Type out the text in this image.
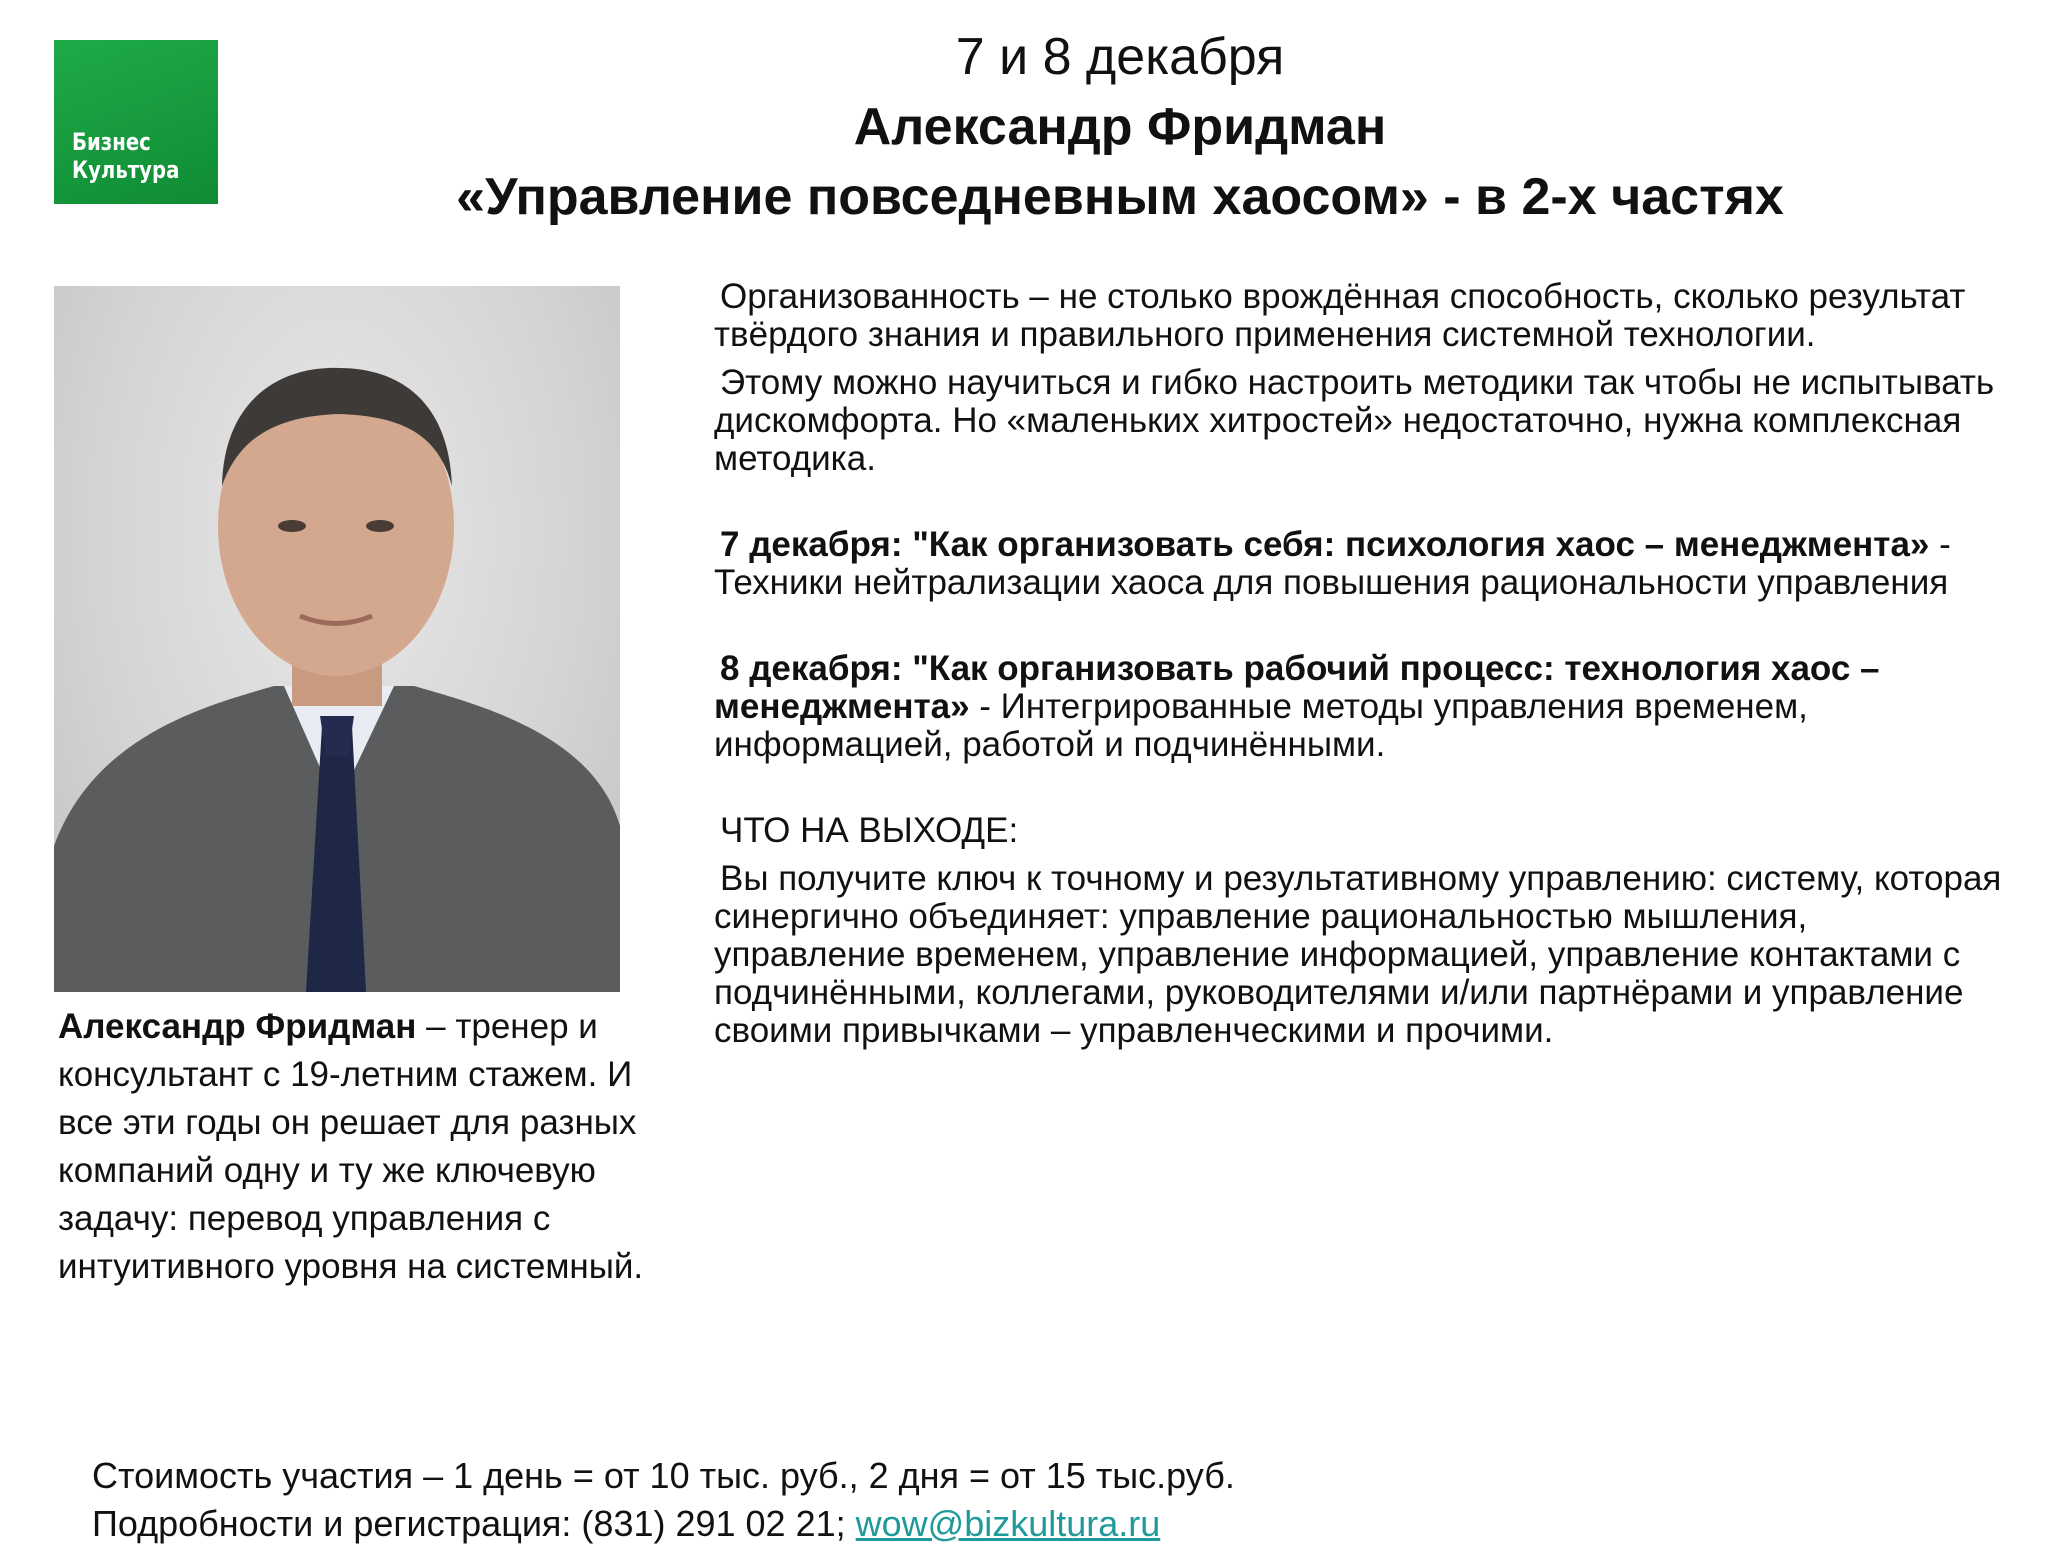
Бизнес
Культура
7 и 8 декабря
Александр Фридман
«Управление повседневным хаосом» - в 2-х частях
Александр Фридман – тренер и консультант с 19-летним стажем. И все эти годы он решает для разных компаний одну и ту же ключевую задачу: перевод управления с интуитивного уровня на системный.

Организованность – не столько врождённая способность, сколько результат твёрдого знания и правильного применения системной технологии.

Этому можно научиться и гибко настроить методики так чтобы не испытывать дискомфорта. Но «маленьких хитростей» недостаточно, нужна комплексная методика.

7 декабря: "Как организовать себя: психология хаос – менеджмента» - Техники нейтрализации хаоса для повышения рациональности управления

8 декабря: "Как организовать рабочий процесс: технология хаос – менеджмента» - Интегрированные методы управления временем, информацией, работой и подчинёнными.

ЧТО НА ВЫХОДЕ:

Вы получите ключ к точному и результативному управлению: систему, которая синергично объединяет: управление рациональностью мышления, управление временем, управление информацией, управление контактами с подчинёнными, коллегами, руководителями и/или партнёрами и управление своими привычками – управленческими и прочими.

Стоимость участия – 1 день = от 10 тыс. руб., 2 дня = от 15 тыс.руб.
Подробности и регистрация: (831) 291 02 21; wow@bizkultura.ru
